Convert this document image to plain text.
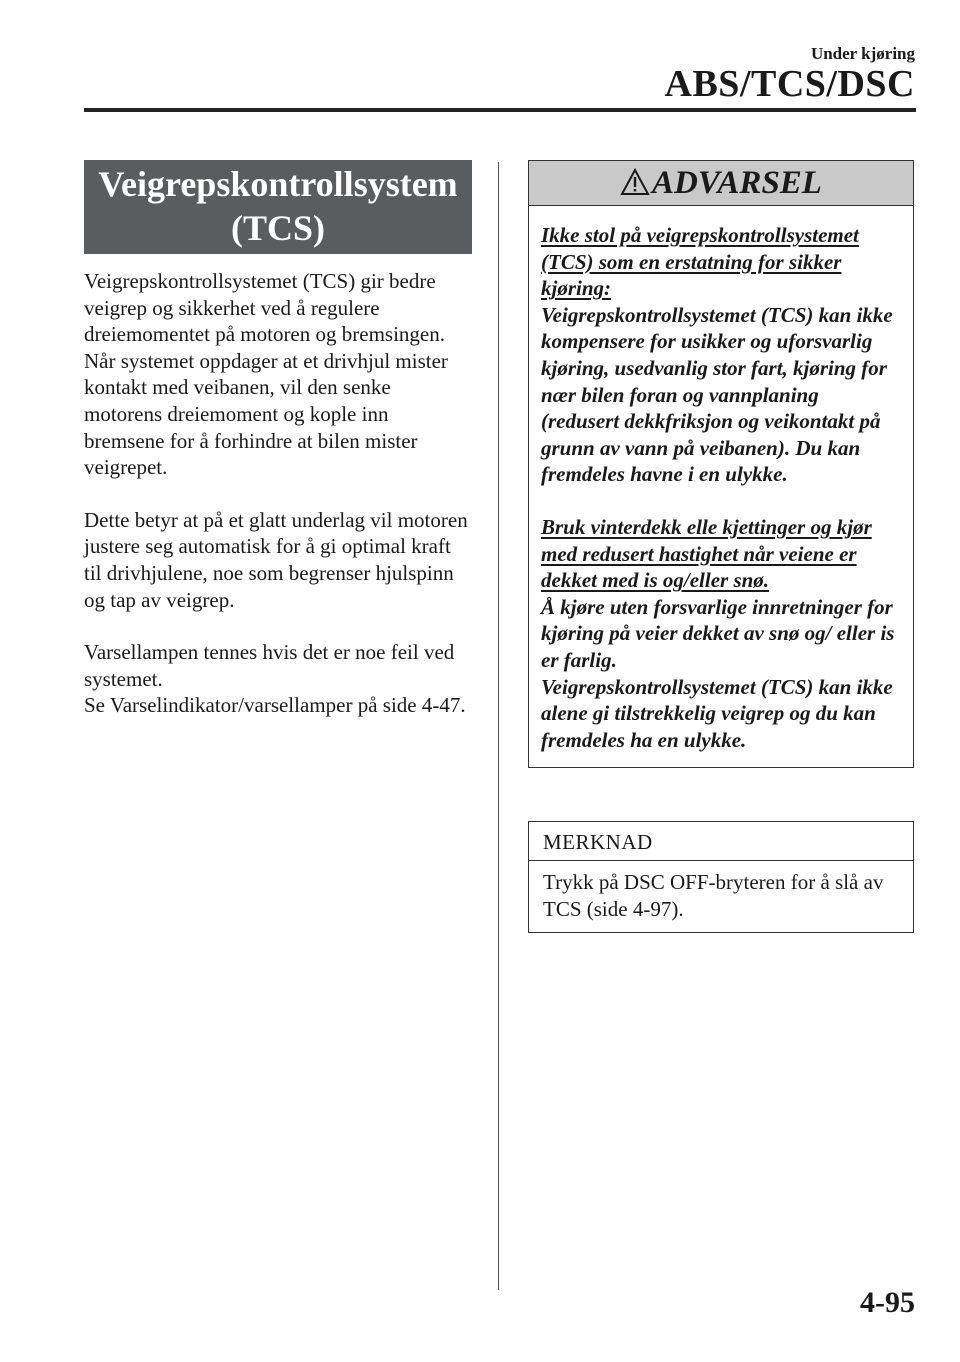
Under kjøring
ABS/TCS/DSC
Veigrepskontrollsystem
(TCS)

Veigrepskontrollsystemet (TCS) gir bedre veigrep og sikkerhet ved å regulere dreiemomentet på motoren og bremsingen. Når systemet oppdager at et drivhjul mister kontakt med veibanen, vil den senke motorens dreiemoment og kople inn bremsene for å forhindre at bilen mister veigrepet.

Dette betyr at på et glatt underlag vil motoren justere seg automatisk for å gi optimal kraft til drivhjulene, noe som begrenser hjulspinn og tap av veigrep.

Varsellampen tennes hvis det er noe feil ved systemet.
Se Varselindikator/varsellamper på side 4-47.

ADVARSEL

Ikke stol på veigrepskontrollsystemet (TCS) som en erstatning for sikker kjøring:

Veigrepskontrollsystemet (TCS) kan ikke kompensere for usikker og uforsvarlig kjøring, usedvanlig stor fart, kjøring for nær bilen foran og vannplaning (redusert dekkfriksjon og veikontakt på grunn av vann på veibanen). Du kan fremdeles havne i en ulykke.

Bruk vinterdekk elle kjettinger og kjør med redusert hastighet når veiene er dekket med is og/eller snø.

Å kjøre uten forsvarlige innretninger for kjøring på veier dekket av snø og/ eller is er farlig.

Veigrepskontrollsystemet (TCS) kan ikke alene gi tilstrekkelig veigrep og du kan fremdeles ha en ulykke.

MERKNAD
Trykk på DSC OFF-bryteren for å slå av TCS (side 4-97).
4-95
